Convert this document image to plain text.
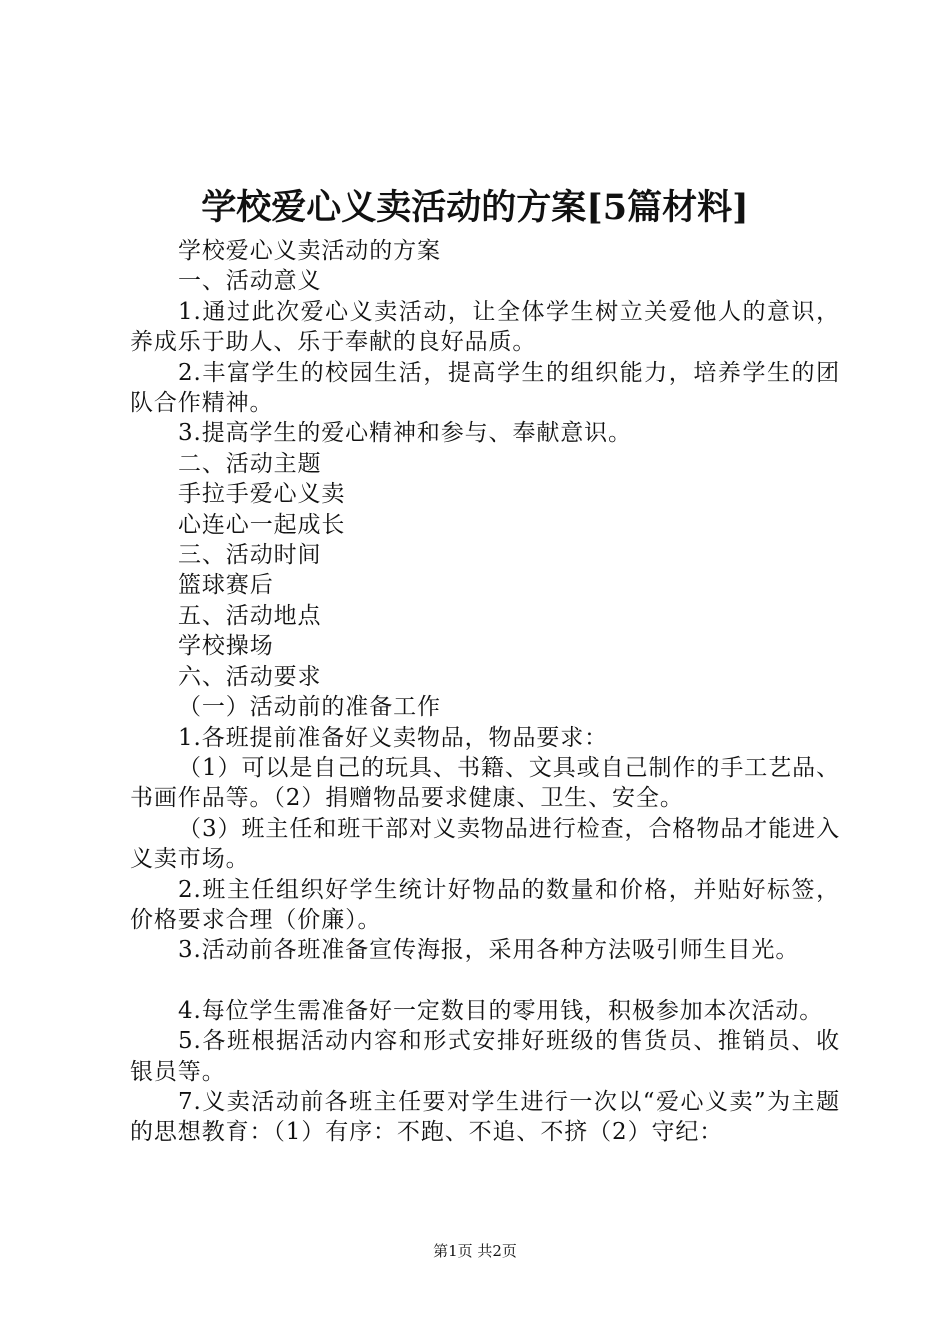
学校爱心义卖活动的方案[5篇材料]

学校爱心义卖活动的方案

一、活动意义

1.通过此次爱心义卖活动，让全体学生树立关爱他人的意识，养成乐于助人、乐于奉献的良好品质。

2.丰富学生的校园生活，提高学生的组织能力，培养学生的团队合作精神。

3.提高学生的爱心精神和参与、奉献意识。

二、活动主题

手拉手爱心义卖

心连心一起成长

三、活动时间

篮球赛后

五、活动地点

学校操场

六、活动要求

（一）活动前的准备工作

1.各班提前准备好义卖物品，物品要求：

（1）可以是自己的玩具、书籍、文具或自己制作的手工艺品、书画作品等。（2）捐赠物品要求健康、卫生、安全。

（3）班主任和班干部对义卖物品进行检查，合格物品才能进入义卖市场。

2.班主任组织好学生统计好物品的数量和价格，并贴好标签，价格要求合理（价廉）。

3.活动前各班准备宣传海报，采用各种方法吸引师生目光。

4.每位学生需准备好一定数目的零用钱，积极参加本次活动。

5.各班根据活动内容和形式安排好班级的售货员、推销员、收银员等。

7.义卖活动前各班主任要对学生进行一次以“爱心义卖”为主题的思想教育：（1）有序：不跑、不追、不挤（2）守纪：

第1页 共2页
